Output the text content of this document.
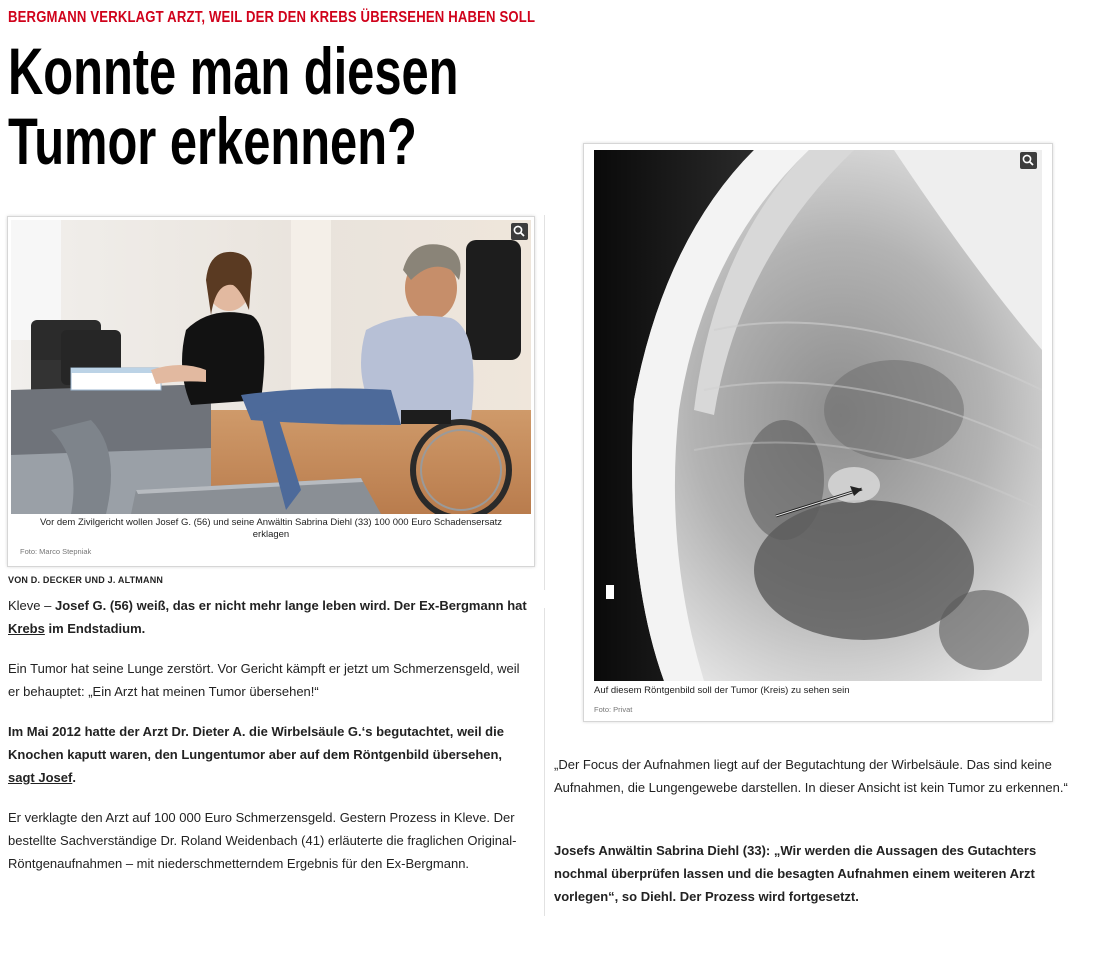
BERGMANN VERKLAGT ARZT, WEIL DER DEN KREBS ÜBERSEHEN HABEN SOLL
Konnte man diesen Tumor erkennen?
Vor dem Zivilgericht wollen Josef G. (56) und seine Anwältin Sabrina Diehl (33) 100 000 Euro Schadensersatz erklagen
Foto: Marco Stepniak
Auf diesem Röntgenbild soll der Tumor (Kreis) zu sehen sein
Foto: Privat
VON D. DECKER UND J. ALTMANN

Kleve – Josef G. (56) weiß, das er nicht mehr lange leben wird. Der Ex-Bergmann hat Krebs im Endstadium.

Ein Tumor hat seine Lunge zerstört. Vor Gericht kämpft er jetzt um Schmerzensgeld, weil er behauptet: „Ein Arzt hat meinen Tumor übersehen!“

Im Mai 2012 hatte der Arzt Dr. Dieter A. die Wirbelsäule G.‘s begutachtet, weil die Knochen kaputt waren, den Lungentumor aber auf dem Röntgenbild übersehen, sagt Josef.

Er verklagte den Arzt auf 100 000 Euro Schmerzensgeld. Gestern Prozess in Kleve. Der bestellte Sachverständige Dr. Roland Weidenbach (41) erläuterte die fraglichen Original-Röntgenaufnahmen – mit niederschmetterndem Ergebnis für den Ex-Bergmann.

„Der Focus der Aufnahmen liegt auf der Begutachtung der Wirbelsäule. Das sind keine Aufnahmen, die Lungengewebe darstellen. In dieser Ansicht ist kein Tumor zu erkennen.“

Josefs Anwältin Sabrina Diehl (33): „Wir werden die Aussagen des Gutachters nochmal überprüfen lassen und die besagten Aufnahmen einem weiteren Arzt vorlegen“, so Diehl. Der Prozess wird fortgesetzt.
